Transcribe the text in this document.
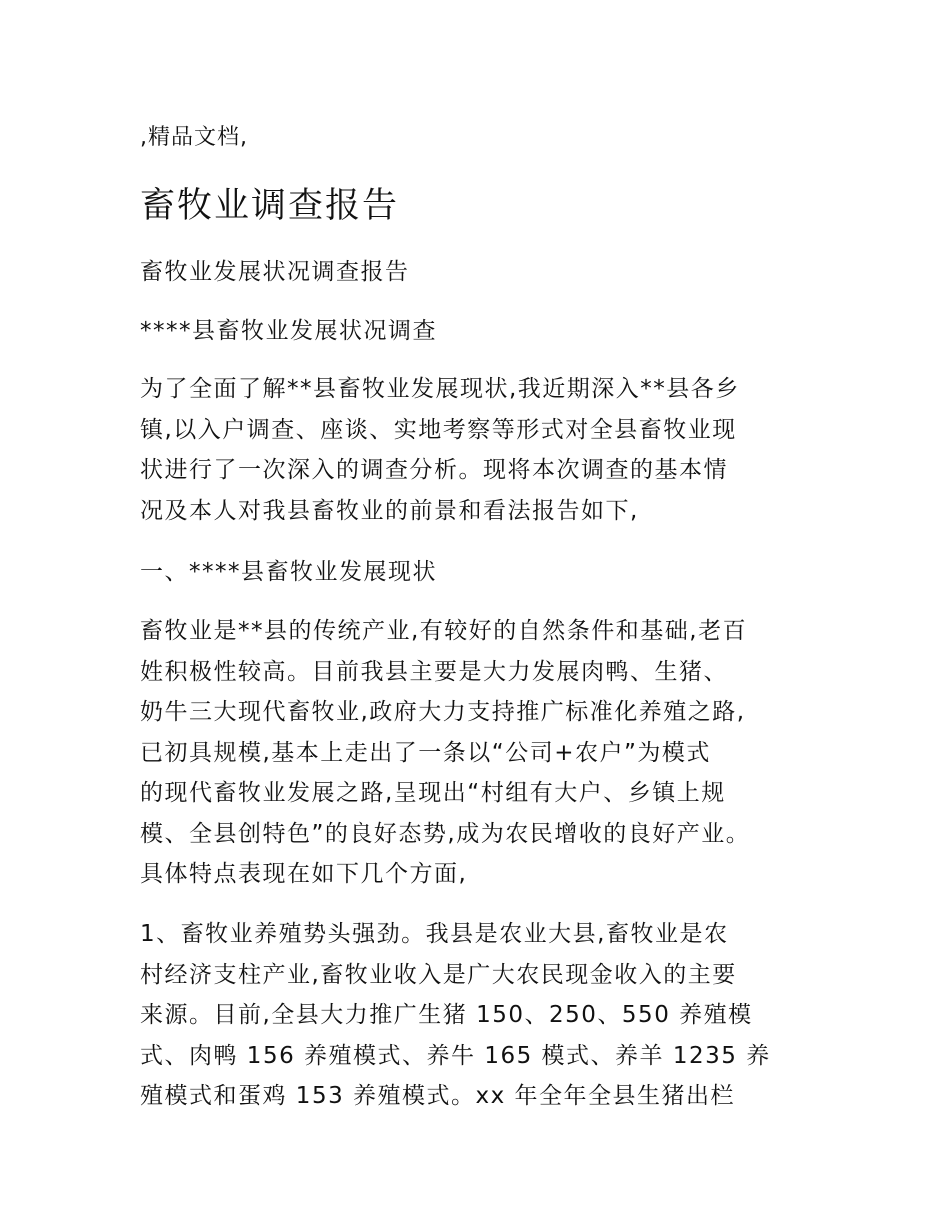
,精品文档,
畜牧业调查报告
畜牧业发展状况调查报告
****县畜牧业发展状况调查
为了全面了解**县畜牧业发展现状,我近期深入**县各乡
镇,以入户调查、座谈、实地考察等形式对全县畜牧业现
状进行了一次深入的调查分析。现将本次调查的基本情
况及本人对我县畜牧业的前景和看法报告如下,
一、****县畜牧业发展现状
畜牧业是**县的传统产业,有较好的自然条件和基础,老百
姓积极性较高。目前我县主要是大力发展肉鸭、生猪、
奶牛三大现代畜牧业,政府大力支持推广标准化养殖之路,
已初具规模,基本上走出了一条以“公司+农户”为模式
的现代畜牧业发展之路,呈现出“村组有大户、乡镇上规
模、全县创特色”的良好态势,成为农民增收的良好产业。
具体特点表现在如下几个方面,
1、畜牧业养殖势头强劲。我县是农业大县,畜牧业是农
村经济支柱产业,畜牧业收入是广大农民现金收入的主要
来源。目前,全县大力推广生猪 150、250、550 养殖模
式、肉鸭 156 养殖模式、养牛 165 模式、养羊 1235 养
殖模式和蛋鸡 153 养殖模式。xx 年全年全县生猪出栏
